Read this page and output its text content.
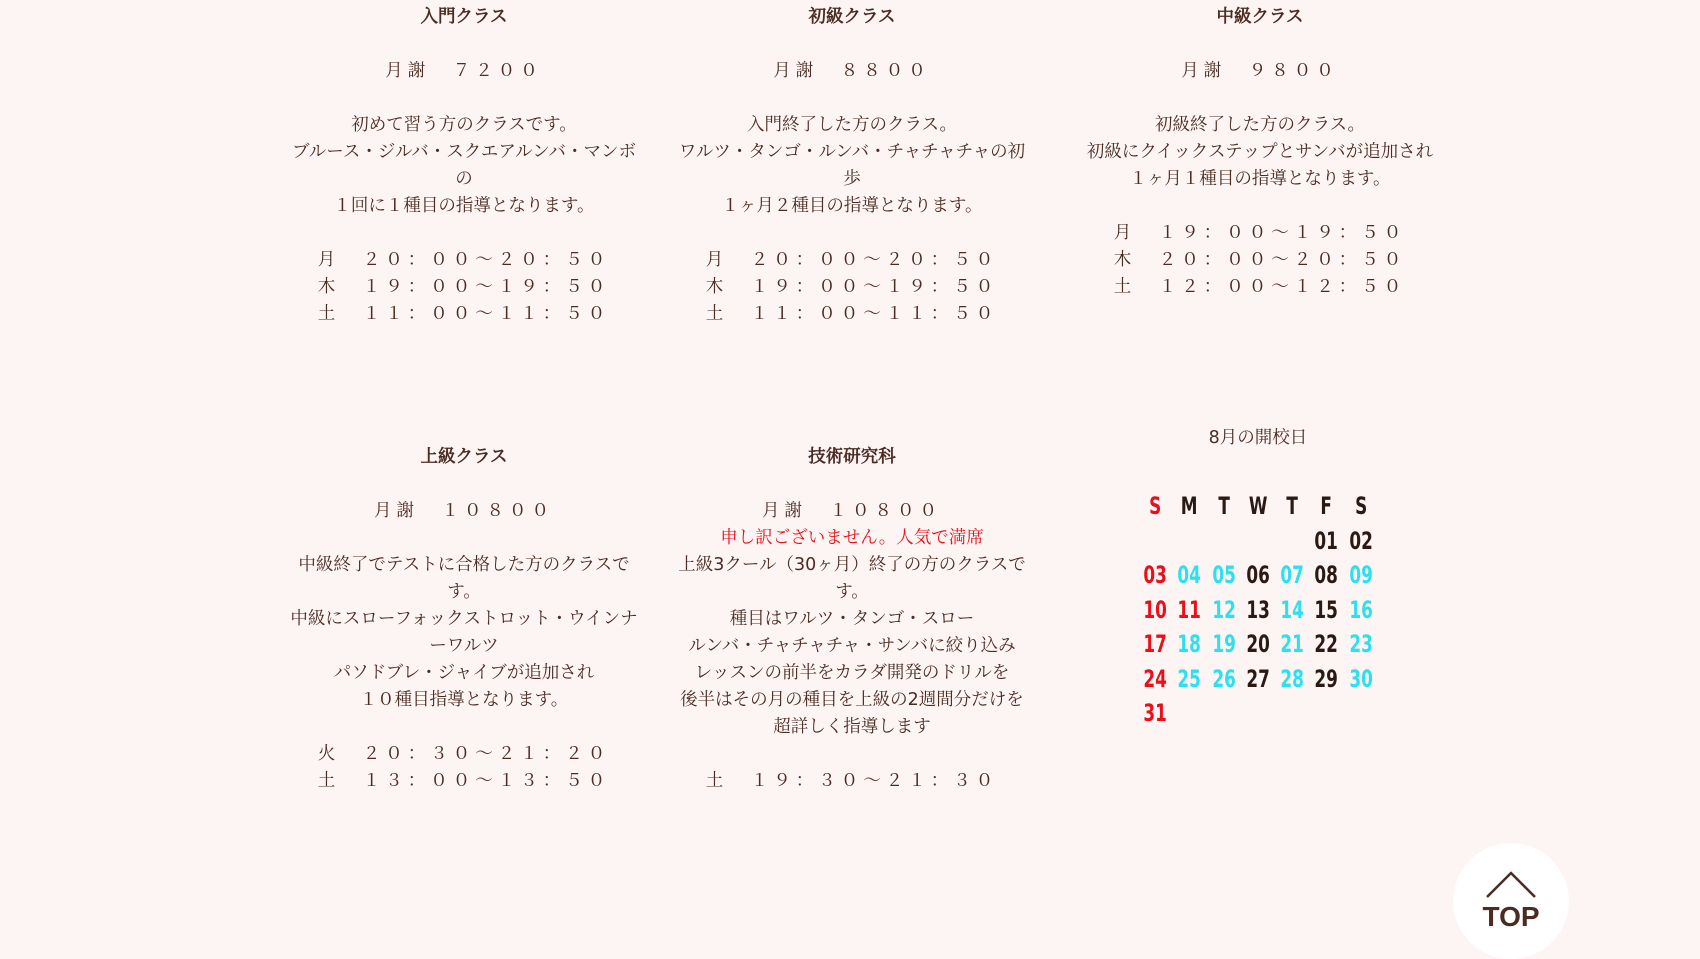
入門クラス
月謝　７２００
初めて習う方のクラスです。
ブルース・ジルバ・スクエアルンバ・マンボの
１回に１種目の指導となります。
月　２０：００～２０：５０
木　１９：００～１９：５０
土　１１：００～１１：５０
初級クラス
月謝　８８００
入門終了した方のクラス。
ワルツ・タンゴ・ルンバ・チャチャチャの初歩
１ヶ月２種目の指導となります。
月　２０：００～２０：５０
木　１９：００～１９：５０
土　１１：００～１１：５０
中級クラス
月謝　９８００
初級終了した方のクラス。
初級にクイックステップとサンバが追加され
１ヶ月１種目の指導となります。
月　１９：００～１９：５０
木　２０：００～２０：５０
土　１２：００～１２：５０
上級クラス
月謝　１０８００
中級終了でテストに合格した方のクラスです。
中級にスローフォックストロット・ウインナーワルツ
パソドブレ・ジャイブが追加され
１０種目指導となります。
火　２０：３０～２１：２０
土　１３：００～１３：５０
技術研究科
月謝　１０８００
申し訳ございません。人気で満席
上級3クール（30ヶ月）終了の方のクラスです。
種目はワルツ・タンゴ・スロー
ルンバ・チャチャチャ・サンバに絞り込み
レッスンの前半をカラダ開発のドリルを
後半はその月の種目を上級の2週間分だけを超詳しく指導します
土　１９：３０～２１：３０
8月の開校日
S M T W T F S
01 02
03 04 05 06 07 08 09
10 11 12 13 14 15 16
17 18 19 20 21 22 23
24 25 26 27 28 29 30
31
TOP
